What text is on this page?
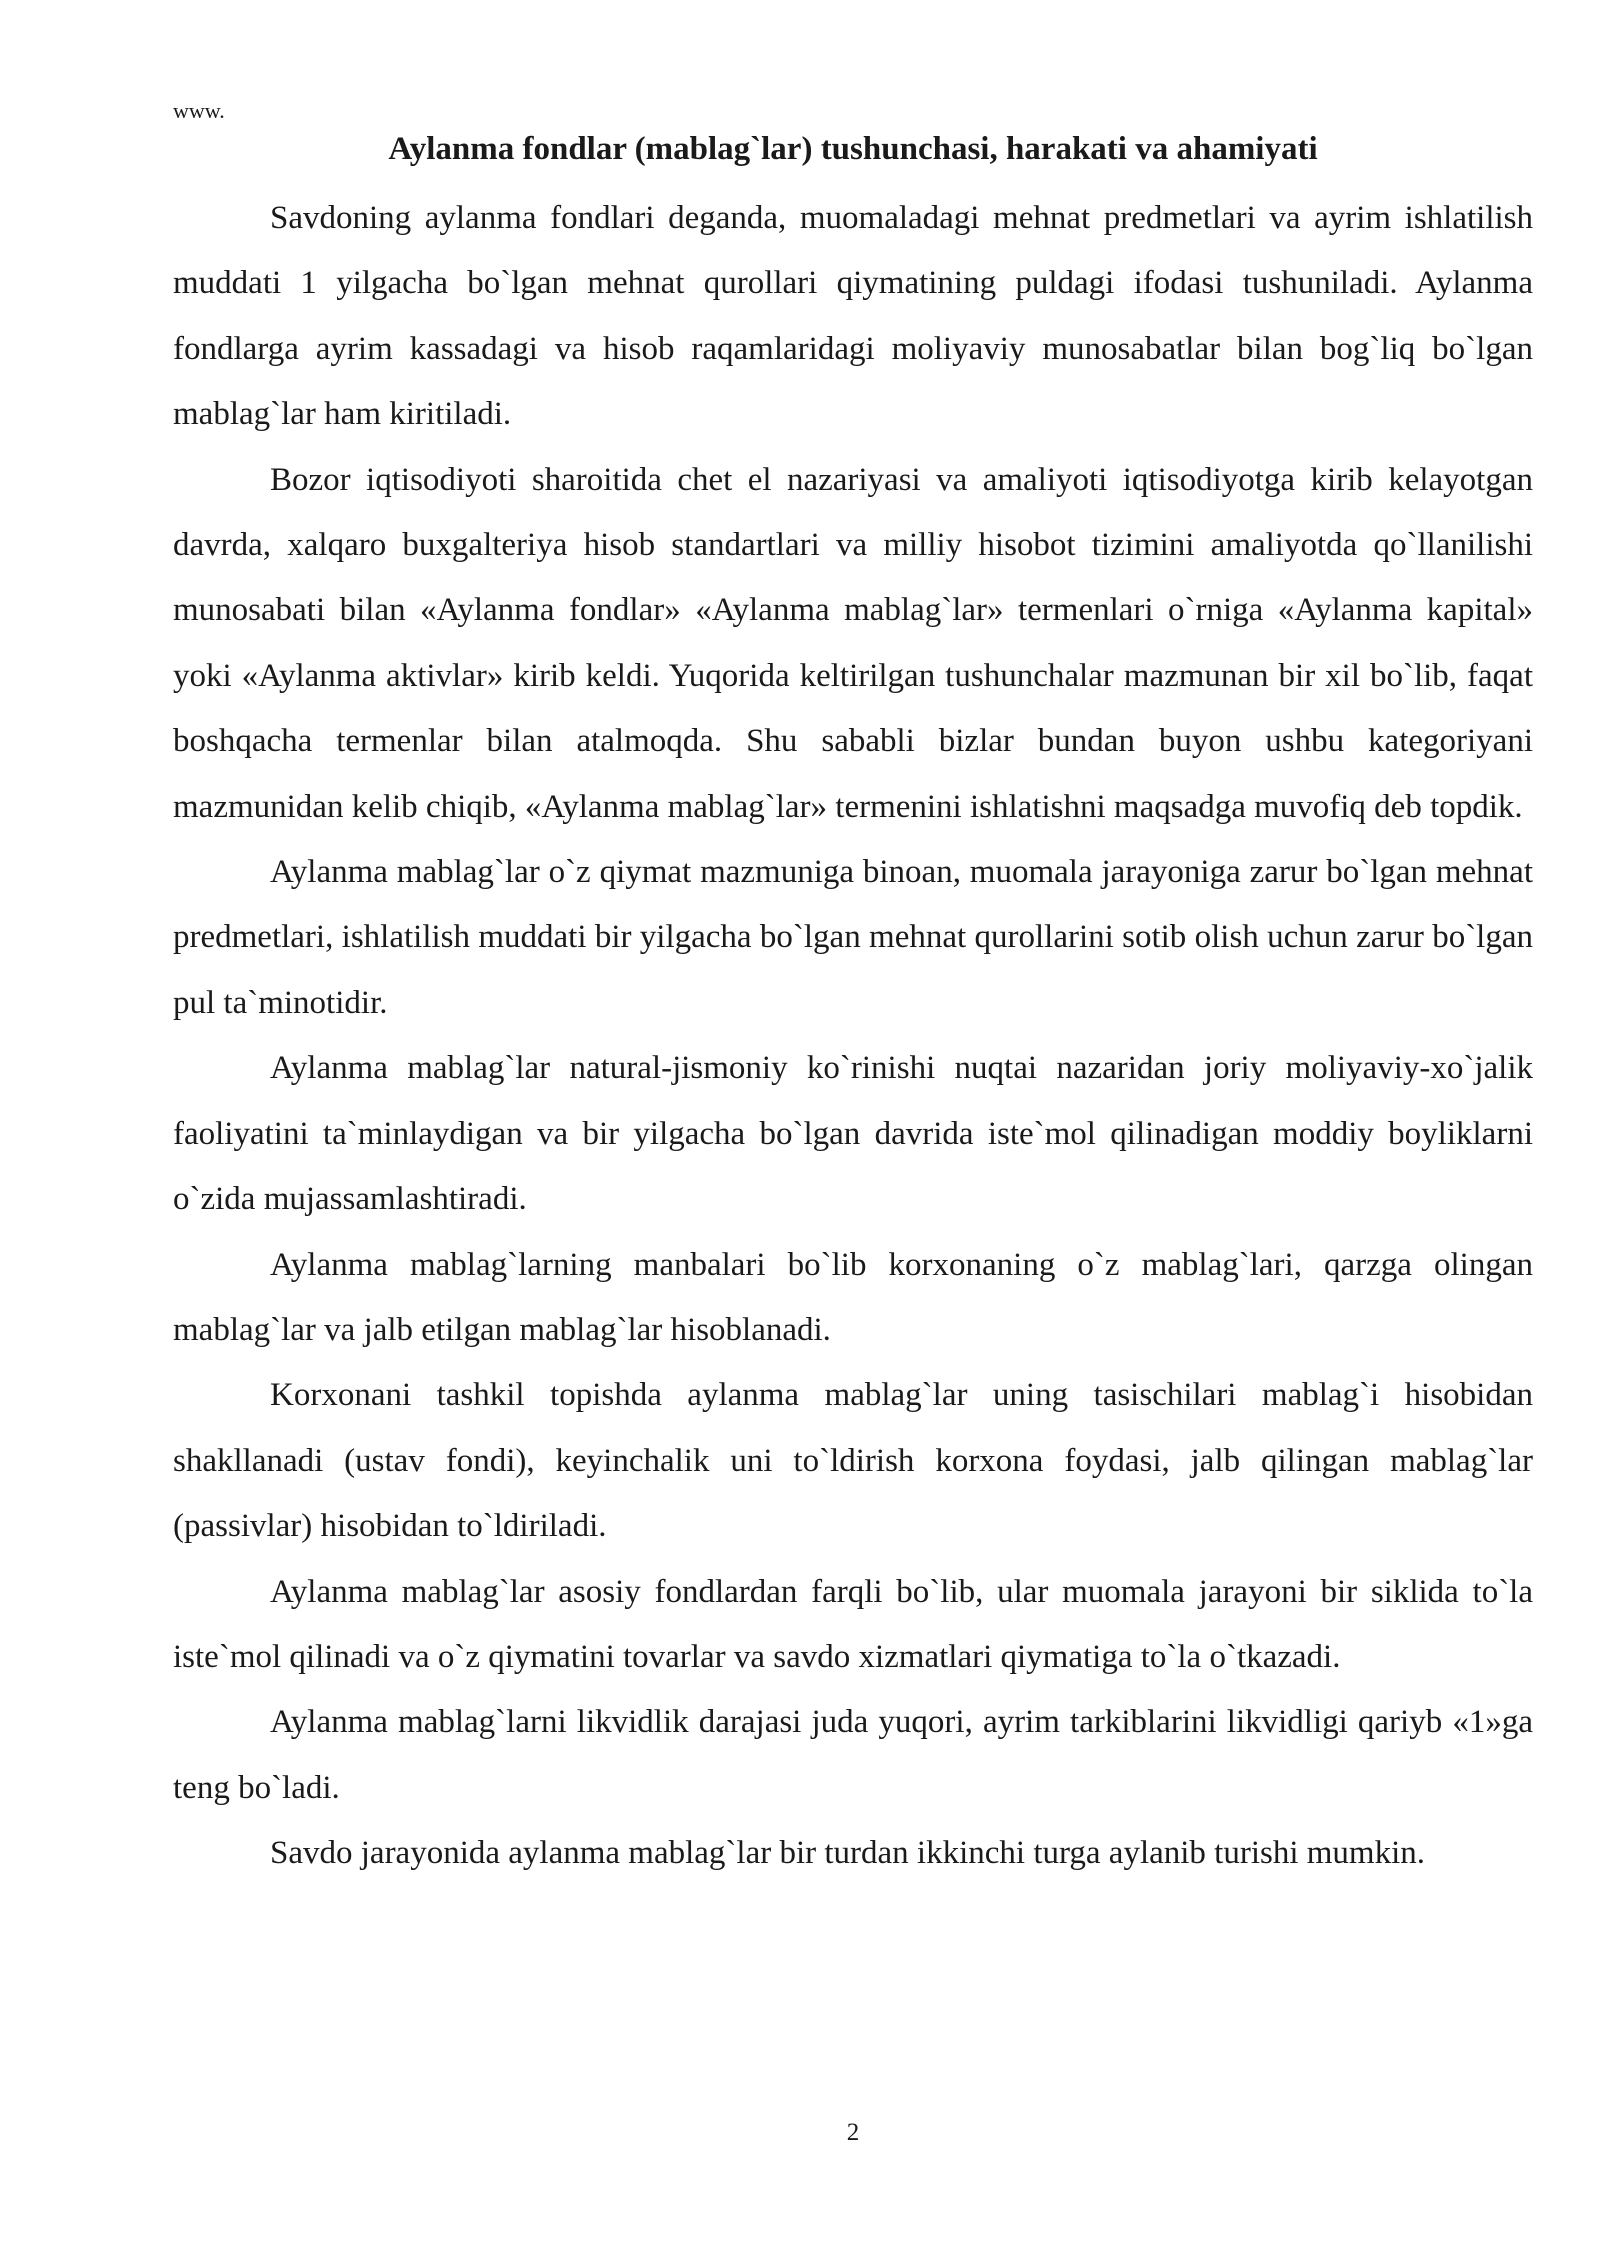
www.
Aylanma fondlar (mablag`lar) tushunchasi, harakati va ahamiyati

Savdoning aylanma fondlari deganda, muomaladagi mehnat predmetlari va ayrim ishlatilish muddati 1 yilgacha bo`lgan mehnat qurollari qiymatining puldagi ifodasi tushuniladi. Aylanma fondlarga ayrim kassadagi va hisob raqamlaridagi moliyaviy munosabatlar bilan bog`liq bo`lgan mablag`lar ham kiritiladi.

Bozor iqtisodiyoti sharoitida chet el nazariyasi va amaliyoti iqtisodiyotga kirib kelayotgan davrda, xalqaro buxgalteriya hisob standartlari va milliy hisobot tizimini amaliyotda qo`llanilishi munosabati bilan «Aylanma fondlar» «Aylanma mablag`lar» termenlari o`rniga «Aylanma kapital» yoki «Aylanma aktivlar» kirib keldi. Yuqorida keltirilgan tushunchalar mazmunan bir xil bo`lib, faqat boshqacha termenlar bilan atalmoqda. Shu sababli bizlar bundan buyon ushbu kategoriyani mazmunidan kelib chiqib, «Aylanma mablag`lar» termenini ishlatishni maqsadga muvofiq deb topdik.

Aylanma mablag`lar o`z qiymat mazmuniga binoan, muomala jarayoniga zarur bo`lgan mehnat predmetlari, ishlatilish muddati bir yilgacha bo`lgan mehnat qurollarini sotib olish uchun zarur bo`lgan pul ta`minotidir.

Aylanma mablag`lar natural-jismoniy ko`rinishi nuqtai nazaridan joriy moliyaviy-xo`jalik faoliyatini ta`minlaydigan va bir yilgacha bo`lgan davrida iste`mol qilinadigan moddiy boyliklarni o`zida mujassamlashtiradi.

Aylanma mablag`larning manbalari bo`lib korxonaning o`z mablag`lari, qarzga olingan mablag`lar va jalb etilgan mablag`lar hisoblanadi.

Korxonani tashkil topishda aylanma mablag`lar uning tasischilari mablag`i hisobidan shakllanadi (ustav fondi), keyinchalik uni to`ldirish korxona foydasi, jalb qilingan mablag`lar (passivlar) hisobidan to`ldiriladi.

Aylanma mablag`lar asosiy fondlardan farqli bo`lib, ular muomala jarayoni bir siklida to`la iste`mol qilinadi va o`z qiymatini tovarlar va savdo xizmatlari qiymatiga to`la o`tkazadi.

Aylanma mablag`larni likvidlik darajasi juda yuqori, ayrim tarkiblarini likvidligi qariyb «1»ga teng bo`ladi.

Savdo jarayonida aylanma mablag`lar bir turdan ikkinchi turga aylanib turishi mumkin.

2
